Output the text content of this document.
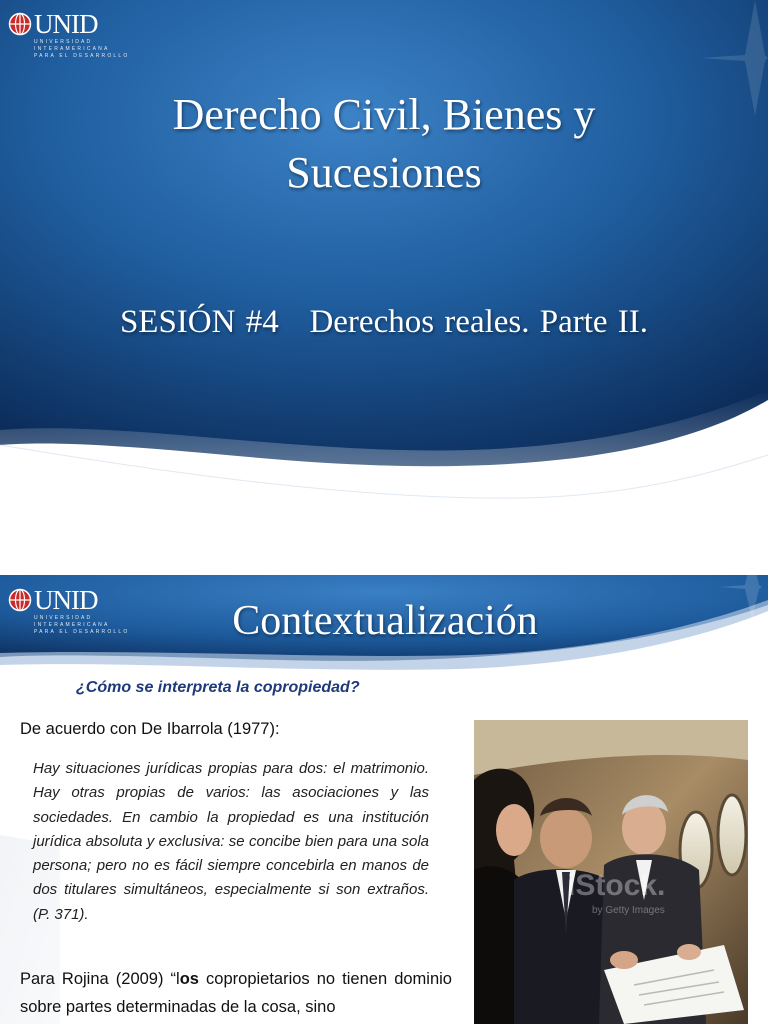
UNID
UNIVERSIDAD
INTERAMERICANA
PARA EL DESARROLLO
Derecho Civil, Bienes y
Sucesiones
SESIÓN #4   Derechos reales. Parte II.
UNID
UNIVERSIDAD
INTERAMERICANA
PARA EL DESARROLLO	Contextualización
¿Cómo se interpreta la copropiedad?
De acuerdo con De Ibarrola (1977):
Hay situaciones jurídicas propias para dos: el matrimonio. Hay otras propias de varios: las asociaciones y las sociedades. En cambio la propiedad es una institución jurídica absoluta y exclusiva: se concibe bien para una sola persona; pero no es fácil siempre concebirla en manos de dos titulares simultáneos, especialmente si son extraños. (P. 371).
Para Rojina (2009) “los copropietarios no tienen dominio sobre partes determinadas de la cosa, sino
iStock.
by Getty Images
